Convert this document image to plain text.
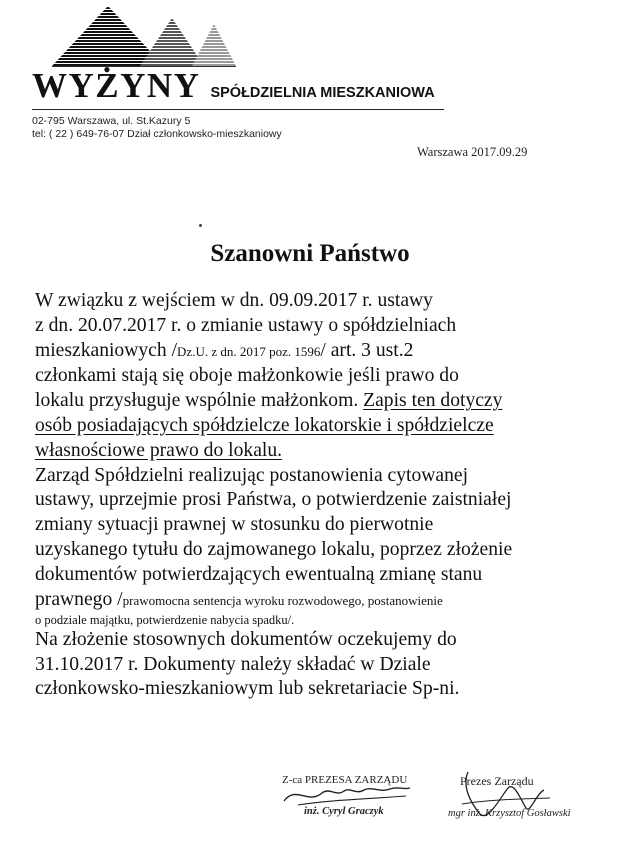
WYŻYNY SPÓŁDZIELNIA MIESZKANIOWA
02-795 Warszawa, ul. St.Kazury 5
tel: ( 22 ) 649-76-07 Dział członkowsko-mieszkaniowy
Warszawa 2017.09.29
Szanowni Państwo
W związku z wejściem w dn. 09.09.2017 r. ustawy
z dn. 20.07.2017 r. o zmianie ustawy o spółdzielniach
mieszkaniowych /Dz.U. z dn. 2017 poz. 1596/ art. 3 ust.2
członkami stają się oboje małżonkowie jeśli prawo do
lokalu przysługuje wspólnie małżonkom. Zapis ten dotyczy
osób posiadających spółdzielcze lokatorskie i spółdzielcze
własnościowe prawo do lokalu.
Zarząd Spółdzielni realizując postanowienia cytowanej
ustawy, uprzejmie prosi Państwa, o potwierdzenie zaistniałej
zmiany sytuacji prawnej w stosunku do pierwotnie
uzyskanego tytułu do zajmowanego lokalu, poprzez złożenie
dokumentów potwierdzających ewentualną zmianę stanu
prawnego /prawomocna sentencja wyroku rozwodowego, postanowienie
o podziale majątku, potwierdzenie nabycia spadku/.
Na złożenie stosownych dokumentów oczekujemy do
31.10.2017 r. Dokumenty należy składać w Dziale
członkowsko-mieszkaniowym lub sekretariacie Sp-ni.
Z-ca PREZESA ZARZĄDU
inż. Cyryl Graczyk
Prezes Zarządu
mgr inż. Krzysztof Gosławski
